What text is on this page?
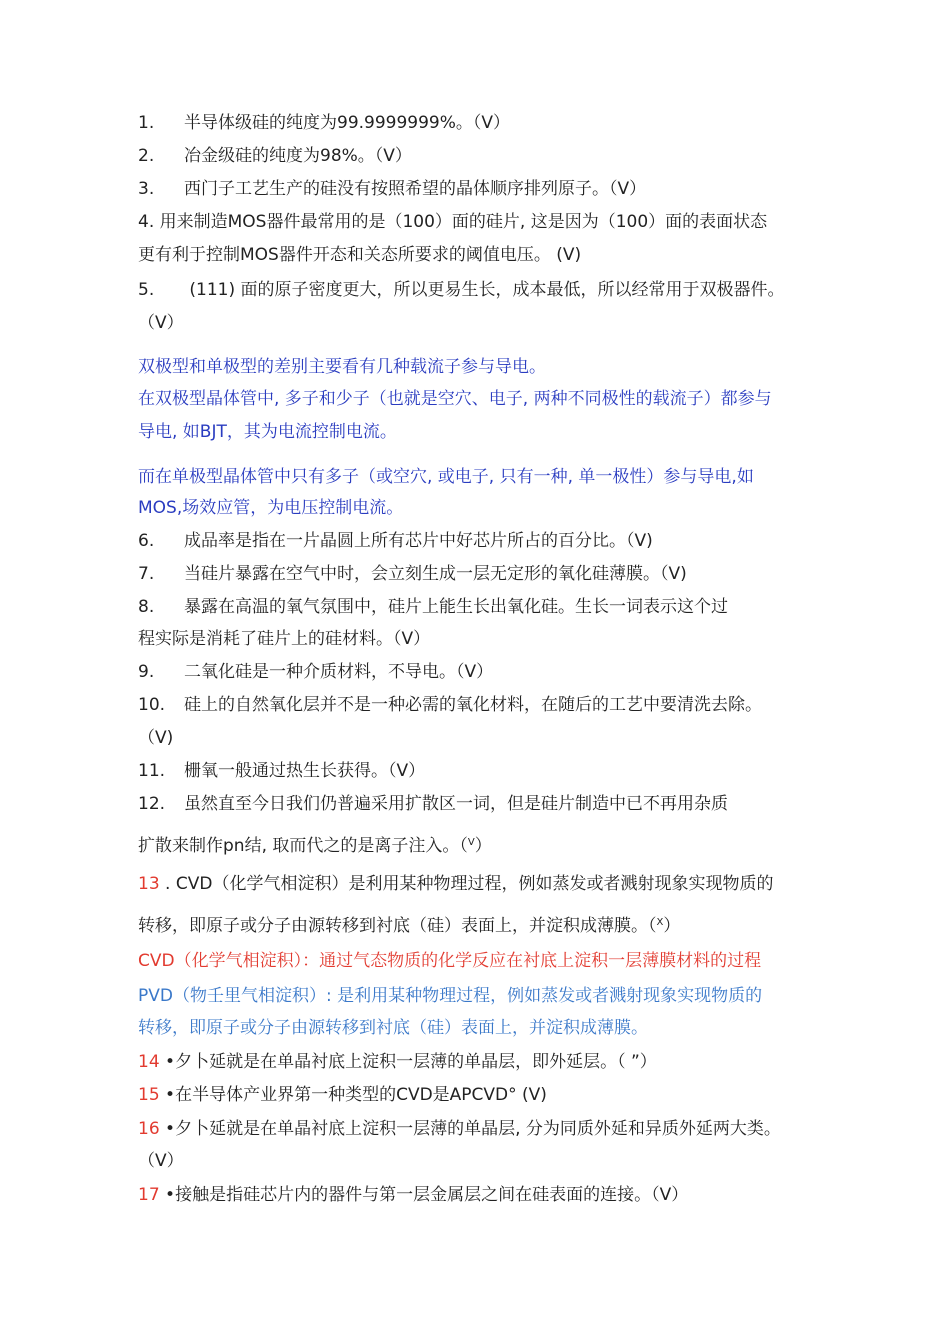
1. 半导体级硅的纯度为99.9999999%。（V）
2. 冶金级硅的纯度为98%。（V）
3. 西门子工艺生产的硅没有按照希望的晶体顺序排列原子。（V）
4. 用来制造MOS器件最常用的是（100）面的硅片, 这是因为（100）面的表面状态
更有利于控制MOS器件开态和关态所要求的阈值电压。 (V)
5. (111) 面的原子密度更大，所以更易生长，成本最低，所以经常用于双极器件。
（V）
双极型和单极型的差别主要看有几种载流子参与导电。
在双极型晶体管中, 多子和少子（也就是空穴、电子, 两种不同极性的载流子）都参与
导电, 如BJT，其为电流控制电流。
而在单极型晶体管中只有多子（或空穴, 或电子, 只有一种, 单一极性）参与导电,如
MOS,场效应管，为电压控制电流。
6. 成品率是指在一片晶圆上所有芯片中好芯片所占的百分比。（V)
7. 当硅片暴露在空气中时，会立刻生成一层无定形的氧化硅薄膜。（V)
8. 暴露在高温的氧气氛围中，硅片上能生长出氧化硅。生长一词表示这个过
程实际是消耗了硅片上的硅材料。（V）
9. 二氧化硅是一种介质材料，不导电。（V）
10. 硅上的自然氧化层并不是一种必需的氧化材料，在随后的工艺中要清洗去除。
（V)
11. 栅氧一般通过热生长获得。（V）
12. 虽然直至今日我们仍普遍采用扩散区一词，但是硅片制造中已不再用杂质
扩散来制作pn结, 取而代之的是离子注入。（$^V$）
13 . CVD（化学气相淀积）是利用某种物理过程，例如蒸发或者溅射现象实现物质的
转移，即原子或分子由源转移到衬底（硅）表面上，并淀积成薄膜。（$^X$）
CVD（化学气相淀积）：通过气态物质的化学反应在衬底上淀积一层薄膜材料的过程
PVD（物壬里气相淀积）: 是利用某种物理过程，例如蒸发或者溅射现象实现物质的
转移，即原子或分子由源转移到衬底（硅）表面上，并淀积成薄膜。
14 •夕卜延就是在单晶衬底上淀积一层薄的单晶层，即外延层。（ ”）
15 •在半导体产业界第一种类型的CVD是APCVD° (V)
16 •夕卜延就是在单晶衬底上淀积一层薄的单晶层, 分为同质外延和异质外延两大类。
（V）
17 •接触是指硅芯片内的器件与第一层金属层之间在硅表面的连接。（V）
